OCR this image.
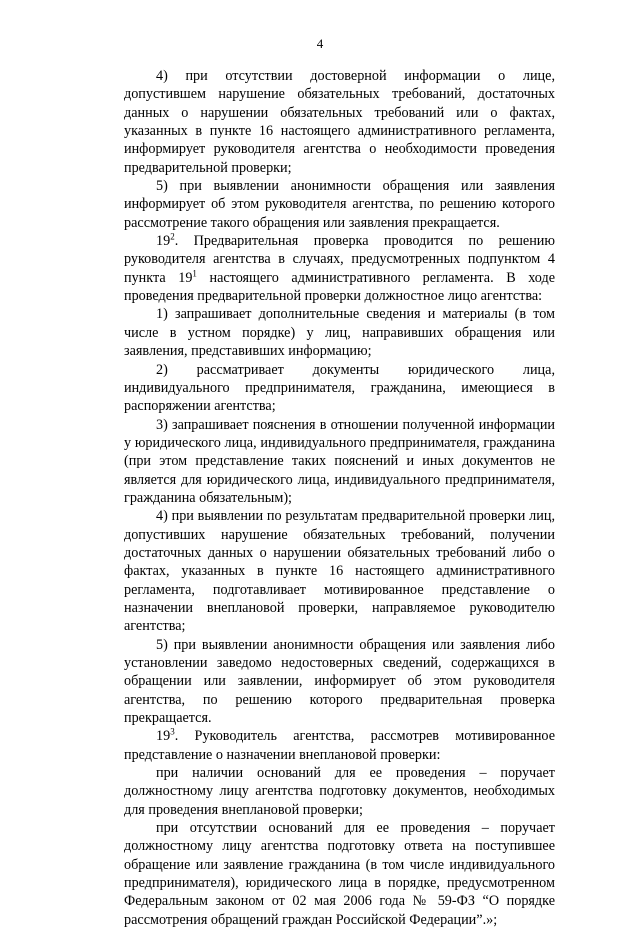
4

4) при отсутствии достоверной информации о лице, допустившем нарушение обязательных требований, достаточных данных о нарушении обязательных требований или о фактах, указанных в пункте 16 настоящего административного регламента, информирует руководителя агентства о необходимости проведения предварительной проверки;

5) при выявлении анонимности обращения или заявления информирует об этом руководителя агентства, по решению которого рассмотрение такого обращения или заявления прекращается.

$19^2$. Предварительная проверка проводится по решению руководителя агентства в случаях, предусмотренных подпунктом 4 пункта $19^1$ настоящего административного регламента. В ходе проведения предварительной проверки должностное лицо агентства:

1) запрашивает дополнительные сведения и материалы (в том числе в устном порядке) у лиц, направивших обращения или заявления, представивших информацию;

2) рассматривает документы юридического лица, индивидуального предпринимателя, гражданина, имеющиеся в распоряжении агентства;

3) запрашивает пояснения в отношении полученной информации у юридического лица, индивидуального предпринимателя, гражданина (при этом представление таких пояснений и иных документов не является для юридического лица, индивидуального предпринимателя, гражданина обязательным);

4) при выявлении по результатам предварительной проверки лиц, допустивших нарушение обязательных требований, получении достаточных данных о нарушении обязательных требований либо о фактах, указанных в пункте 16 настоящего административного регламента, подготавливает мотивированное представление о назначении внеплановой проверки, направляемое руководителю агентства;

5) при выявлении анонимности обращения или заявления либо установлении заведомо недостоверных сведений, содержащихся в обращении или заявлении, информирует об этом руководителя агентства, по решению которого предварительная проверка прекращается.

$19^3$. Руководитель агентства, рассмотрев мотивированное представление о назначении внеплановой проверки:

при наличии оснований для ее проведения – поручает должностному лицу агентства подготовку документов, необходимых для проведения внеплановой проверки;

при отсутствии оснований для ее проведения – поручает должностному лицу агентства подготовку ответа на поступившее обращение или заявление гражданина (в том числе индивидуального предпринимателя), юридического лица в порядке, предусмотренном Федеральным законом от 02 мая 2006 года № 59-ФЗ “О порядке рассмотрения обращений граждан Российской Федерации”.»;
